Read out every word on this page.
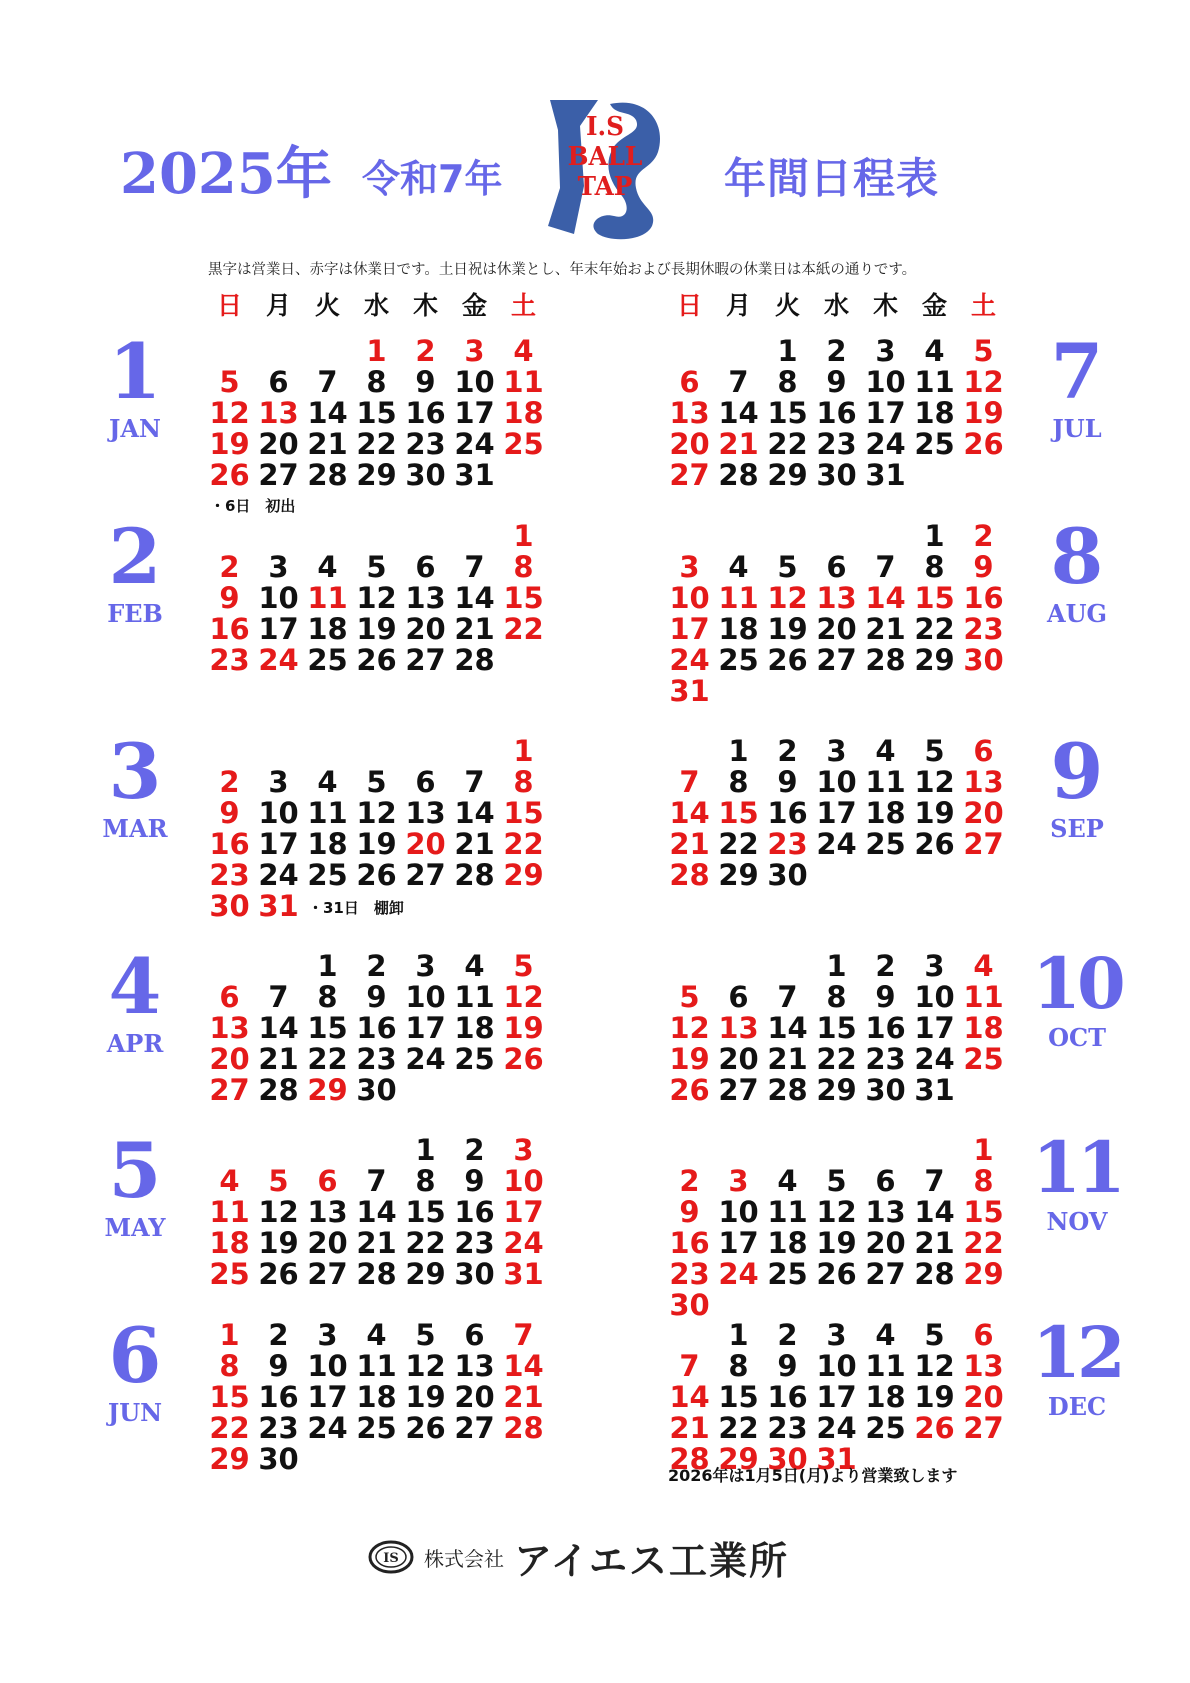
2025年 令和7年
I.S
BALL
TAP	年間日程表
黒字は営業日、赤字は休業日です。土日祝は休業とし、年末年始および長期休暇の休業日は本紙の通りです。
日 月 火 水 木 金 土	日 月 火 水 木 金 土
1
JAN
1 2 3 4
5 6 7 8 9 10 11
12 13 14 15 16 17 18
19 20 21 22 23 24 25
26 27 28 29 30 31
・6日　初出
2
FEB
1
2 3 4 5 6 7 8
9 10 11 12 13 14 15
16 17 18 19 20 21 22
23 24 25 26 27 28
3
MAR
1
2 3 4 5 6 7 8
9 10 11 12 13 14 15
16 17 18 19 20 21 22
23 24 25 26 27 28 29
30 31 ・31日　棚卸
4
APR
1 2 3 4 5
6 7 8 9 10 11 12
13 14 15 16 17 18 19
20 21 22 23 24 25 26
27 28 29 30
5
MAY
1 2 3
4 5 6 7 8 9 10
11 12 13 14 15 16 17
18 19 20 21 22 23 24
25 26 27 28 29 30 31
6
JUN
1 2 3 4 5 6 7
8 9 10 11 12 13 14
15 16 17 18 19 20 21
22 23 24 25 26 27 28
29 30
7
JUL
1 2 3 4 5
6 7 8 9 10 11 12
13 14 15 16 17 18 19
20 21 22 23 24 25 26
27 28 29 30 31
8
AUG
1 2
3 4 5 6 7 8 9
10 11 12 13 14 15 16
17 18 19 20 21 22 23
24 25 26 27 28 29 30
31
9
SEP
1 2 3 4 5 6
7 8 9 10 11 12 13
14 15 16 17 18 19 20
21 22 23 24 25 26 27
28 29 30
10
OCT
1 2 3 4
5 6 7 8 9 10 11
12 13 14 15 16 17 18
19 20 21 22 23 24 25
26 27 28 29 30 31
11
NOV
1
2 3 4 5 6 7 8
9 10 11 12 13 14 15
16 17 18 19 20 21 22
23 24 25 26 27 28 29
30
12
DEC
1 2 3 4 5 6
7 8 9 10 11 12 13
14 15 16 17 18 19 20
21 22 23 24 25 26 27
28 29 30 31
2026年は1月5日(月)より営業致します
IS 株式会社 アイエス工業所
